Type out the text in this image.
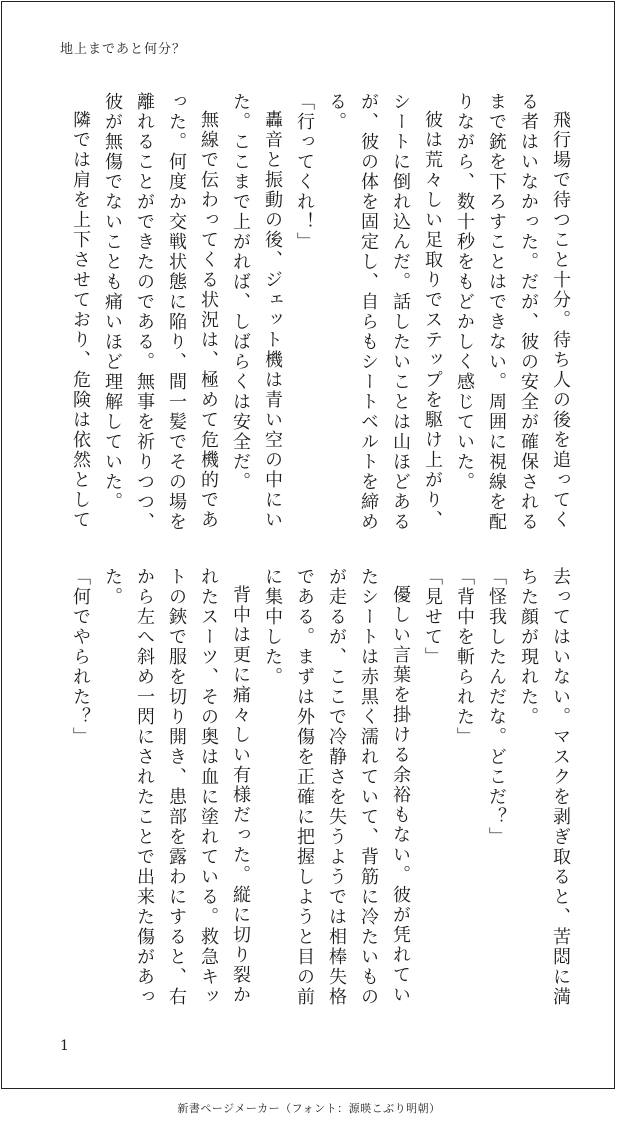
地上まであと何分？

飛行場で待つこと十分。待ち人の後を追ってくる者はいなかった。だが、彼の安全が確保されるまで銃を下ろすことはできない。周囲に視線を配りながら、数十秒をもどかしく感じていた。

彼は荒々しい足取りでステップを駆け上がり、シートに倒れ込んだ。話したいことは山ほどあるが、彼の体を固定し、自らもシートベルトを締める。

「行ってくれ！」

轟音と振動の後、ジェット機は青い空の中にいた。ここまで上がれば、しばらくは安全だ。

無線で伝わってくる状況は、極めて危機的であった。何度か交戦状態に陥り、間一髪でその場を離れることができたのである。無事を祈りつつ、彼が無傷でないことも痛いほど理解していた。

隣では肩を上下させており、危険は依然として

去ってはいない。マスクを剥ぎ取ると、苦悶に満ちた顔が現れた。

「怪我したんだな。どこだ？」

「背中を斬られた」

「見せて」

優しい言葉を掛ける余裕もない。彼が凭れていたシートは赤黒く濡れていて、背筋に冷たいものが走るが、ここで冷静さを失うようでは相棒失格である。まずは外傷を正確に把握しようと目の前に集中した。

背中は更に痛々しい有様だった。縦に切り裂かれたスーツ、その奥は血に塗れている。救急キットの鋏で服を切り開き、患部を露わにすると、右から左へ斜め一閃にされたことで出来た傷があった。

「何でやられた？」

1
新書ページメーカー（フォント：源暎こぶり明朝）
